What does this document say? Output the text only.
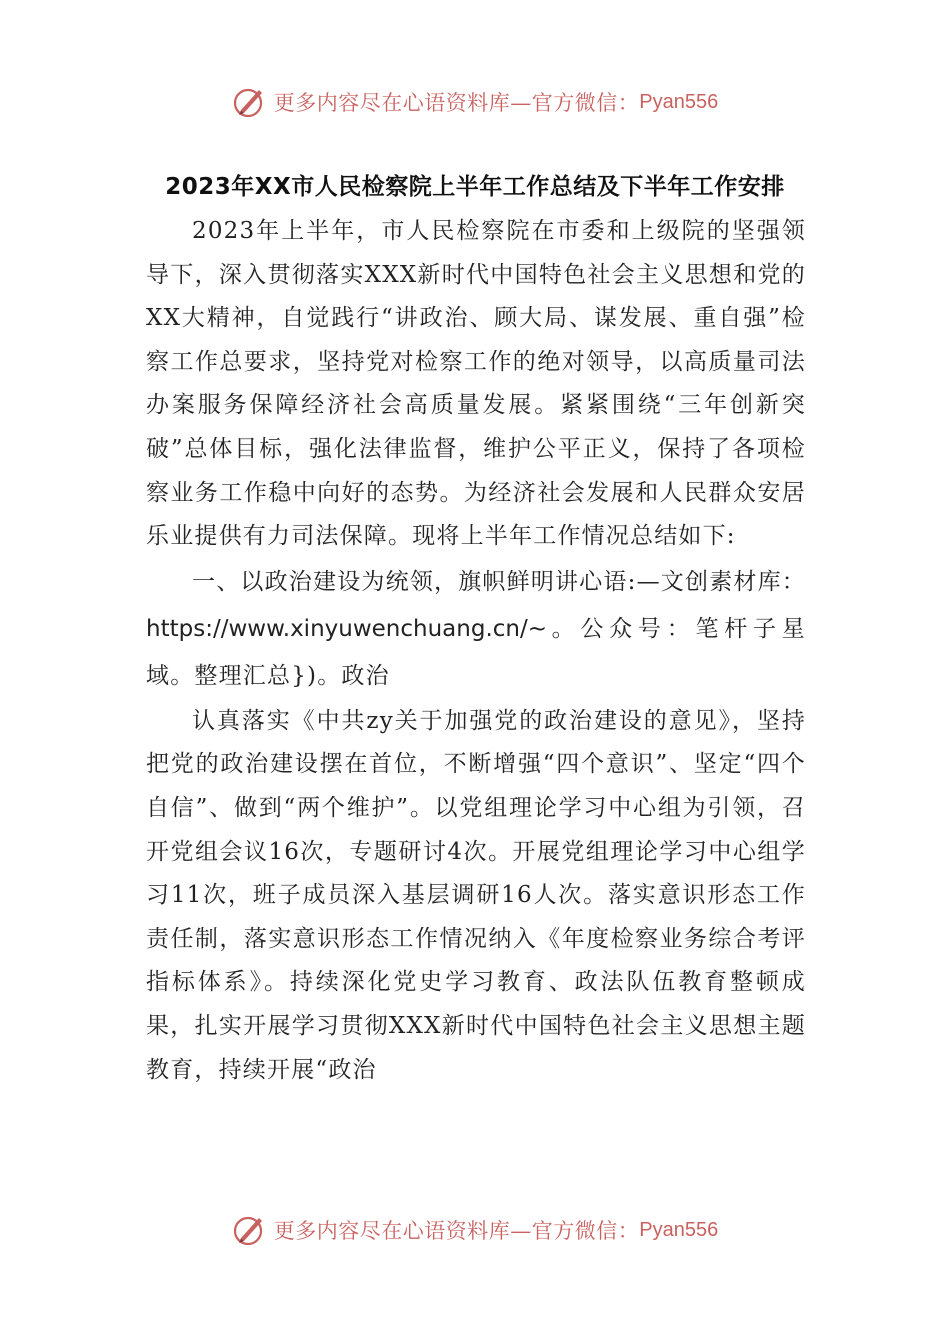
更多内容尽在心语资料库—官方微信： Pyan556
2023年XX市人民检察院上半年工作总结及下半年工作安排

2023年上半年，市人民检察院在市委和上级院的坚强领导下，深入贯彻落实XXX新时代中国特色社会主义思想和党的XX大精神，自觉践行“讲政治、顾大局、谋发展、重自强”检察工作总要求，坚持党对检察工作的绝对领导，以高质量司法办案服务保障经济社会高质量发展。紧紧围绕“三年创新突破”总体目标，强化法律监督，维护公平正义，保持了各项检察业务工作稳中向好的态势。为经济社会发展和人民群众安居乐业提供有力司法保障。现将上半年工作情况总结如下:

一、以政治建设为统领，旗帜鲜明讲心语:—文创素材库：https://www.xinyuwenchuang.cn/~。公众号：笔杆子星域。整理汇总})。政治

认真落实《中共zy关于加强党的政治建设的意见》，坚持把党的政治建设摆在首位，不断增强“四个意识”、坚定“四个自信”、做到“两个维护”。以党组理论学习中心组为引领，召开党组会议16次，专题研讨4次。开展党组理论学习中心组学习11次，班子成员深入基层调研16人次。落实意识形态工作责任制，落实意识形态工作情况纳入《年度检察业务综合考评指标体系》。持续深化党史学习教育、政法队伍教育整顿成果，扎实开展学习贯彻XXX新时代中国特色社会主义思想主题教育，持续开展“政治

更多内容尽在心语资料库—官方微信： Pyan556
